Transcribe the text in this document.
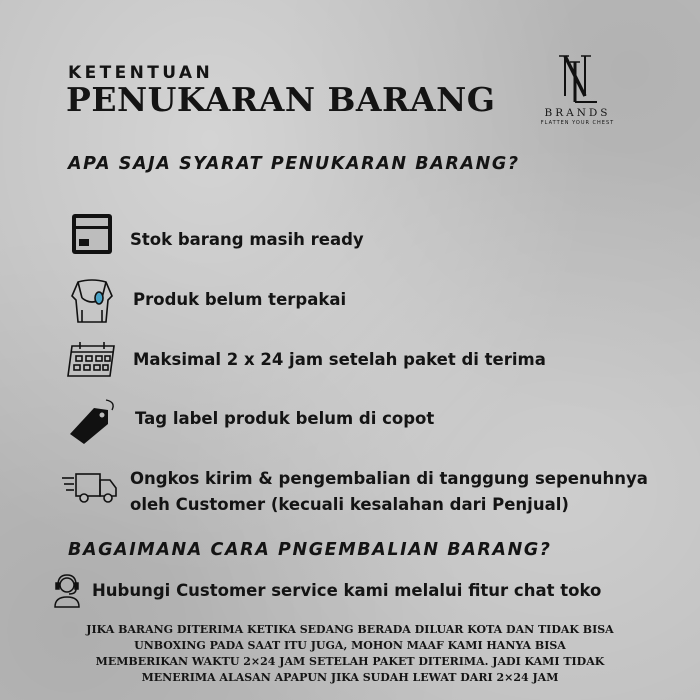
KETENTUAN
PENUKARAN BARANG	BRANDS
FLATTEN YOUR CHEST
APA SAJA SYARAT PENUKARAN BARANG?
Stok barang masih ready
Produk belum terpakai
Maksimal 2 x 24 jam setelah paket di terima
Tag label produk belum di copot
Ongkos kirim & pengembalian di tanggung sepenuhnya
oleh Customer (kecuali kesalahan dari Penjual)
BAGAIMANA CARA PNGEMBALIAN BARANG?
Hubungi Customer service kami melalui fitur chat toko
JIKA BARANG DITERIMA KETIKA SEDANG BERADA DILUAR KOTA DAN TIDAK BISA
UNBOXING PADA SAAT ITU JUGA, MOHON MAAF KAMI HANYA BISA
MEMBERIKAN WAKTU 2×24 JAM SETELAH PAKET DITERIMA. JADI KAMI TIDAK
MENERIMA ALASAN APAPUN JIKA SUDAH LEWAT DARI 2×24 JAM
